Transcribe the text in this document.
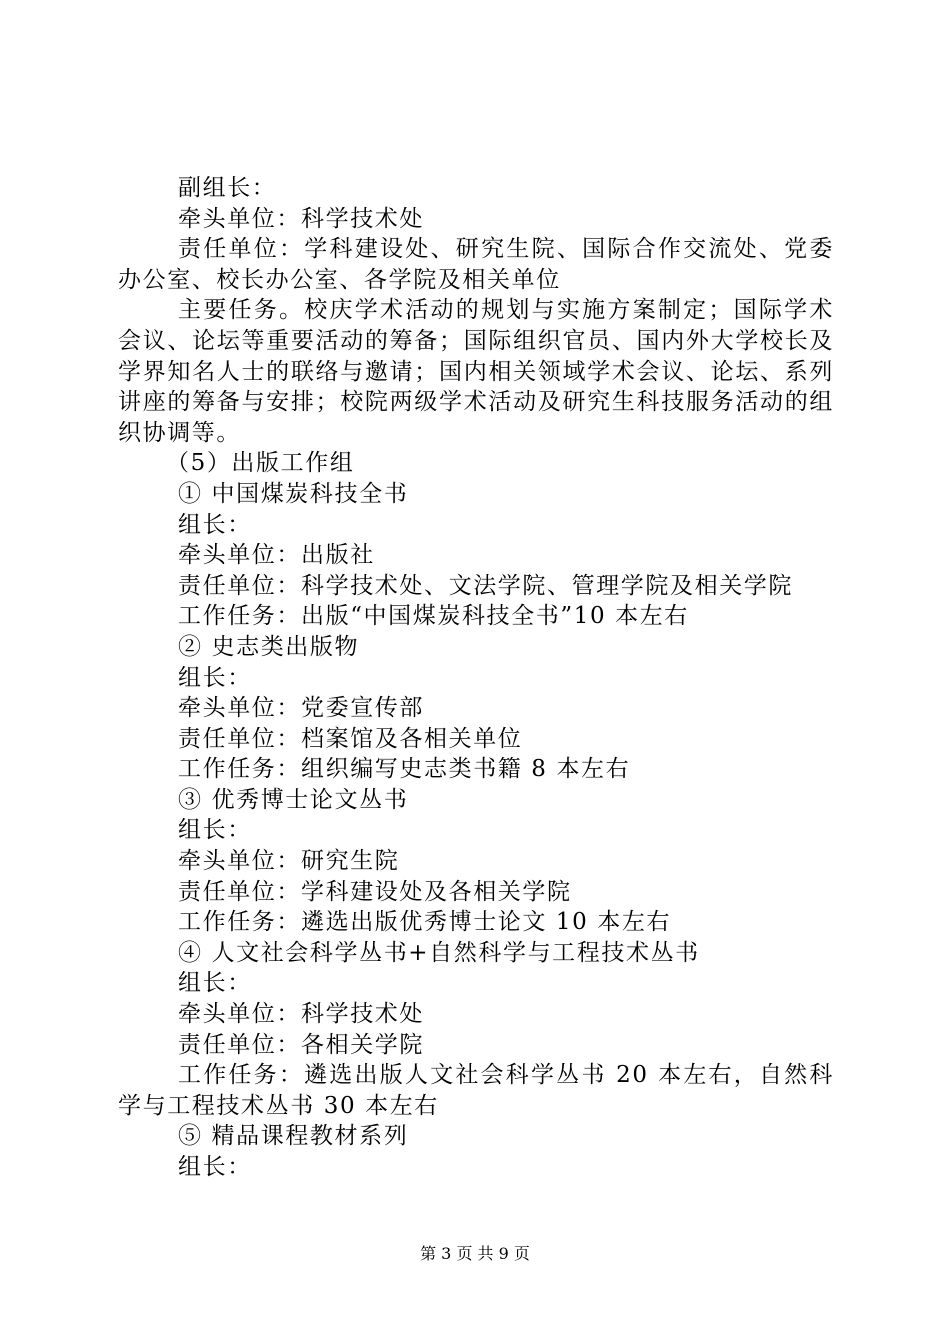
副组长：
牵头单位：科学技术处
责任单位：学科建设处、研究生院、国际合作交流处、党委办公室、校长办公室、各学院及相关单位
主要任务。校庆学术活动的规划与实施方案制定；国际学术会议、论坛等重要活动的筹备；国际组织官员、国内外大学校长及学界知名人士的联络与邀请；国内相关领域学术会议、论坛、系列讲座的筹备与安排；校院两级学术活动及研究生科技服务活动的组织协调等。
（5）出版工作组
① 中国煤炭科技全书
组长：
牵头单位：出版社
责任单位：科学技术处、文法学院、管理学院及相关学院
工作任务：出版“中国煤炭科技全书”10 本左右
② 史志类出版物
组长：
牵头单位：党委宣传部
责任单位：档案馆及各相关单位
工作任务：组织编写史志类书籍 8 本左右
③ 优秀博士论文丛书
组长：
牵头单位：研究生院
责任单位：学科建设处及各相关学院
工作任务：遴选出版优秀博士论文 10 本左右
④ 人文社会科学丛书+自然科学与工程技术丛书
组长：
牵头单位：科学技术处
责任单位：各相关学院
工作任务：遴选出版人文社会科学丛书 20 本左右，自然科学与工程技术丛书 30 本左右
⑤ 精品课程教材系列
组长：
第 3 页 共 9 页
